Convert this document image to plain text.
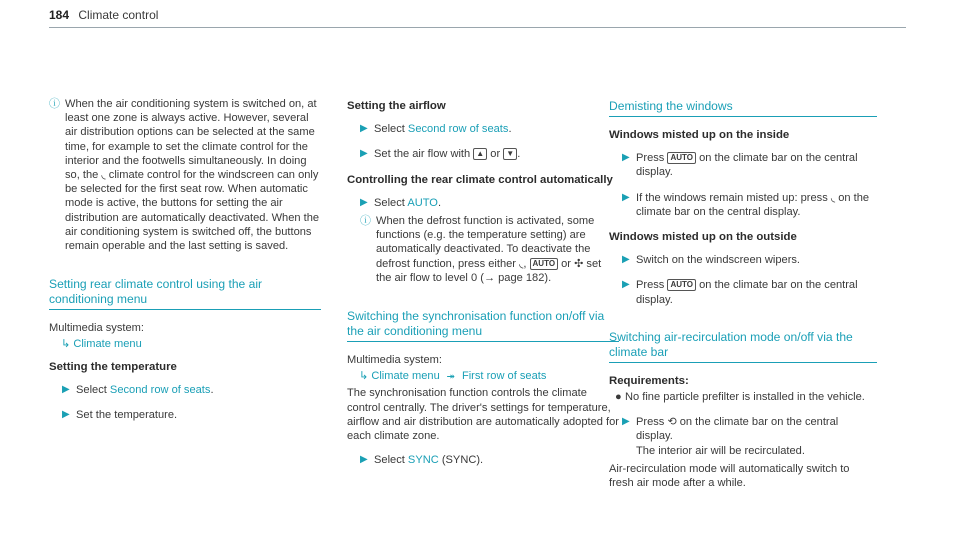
184 Climate control
ⓘ When the air conditioning system is switched on, at least one zone is always active. However, several air distribution options can be selected at the same time, for example to set the climate control for the interior and the footwells simultaneously. In doing so, the ◟ climate control for the windscreen can only be selected for the first seat row. When automatic mode is active, the buttons for setting the air distribution are automatically deactivated. When the air conditioning system is switched off, the buttons remain operable and the last setting is saved.
Setting rear climate control using the air conditioning menu
Multimedia system:
↳ Climate menu
Setting the temperature
▶ Select Second row of seats.
▶ Set the temperature.
Setting the airflow
▶ Select Second row of seats.
▶ Set the air flow with ▲ or ▼ .
Controlling the rear climate control automatically
▶ Select AUTO.
ⓘ When the defrost function is activated, some functions (e.g. the temperature setting) are automatically deactivated. To deactivate the defrost function, press either ◟, AUTO or ✣ set the air flow to level 0 (→ page 182).
Switching the synchronisation function on/off via the air conditioning menu
Multimedia system:
↳ Climate menu ⯮ First row of seats
The synchronisation function controls the climate control centrally. The driver's settings for temperature, airflow and air distribution are automatically adopted for each climate zone.
▶ Select SYNC (SYNC).
Demisting the windows
Windows misted up on the inside
▶ Press AUTO on the climate bar on the central display.
▶ If the windows remain misted up: press ◟ on the climate bar on the central display.
Windows misted up on the outside
▶ Switch on the windscreen wipers.
▶ Press AUTO on the climate bar on the central display.
Switching air-recirculation mode on/off via the climate bar
Requirements:
● No fine particle prefilter is installed in the vehicle.
▶ Press ⟲ on the climate bar on the central display.
The interior air will be recirculated.
Air-recirculation mode will automatically switch to fresh air mode after a while.
